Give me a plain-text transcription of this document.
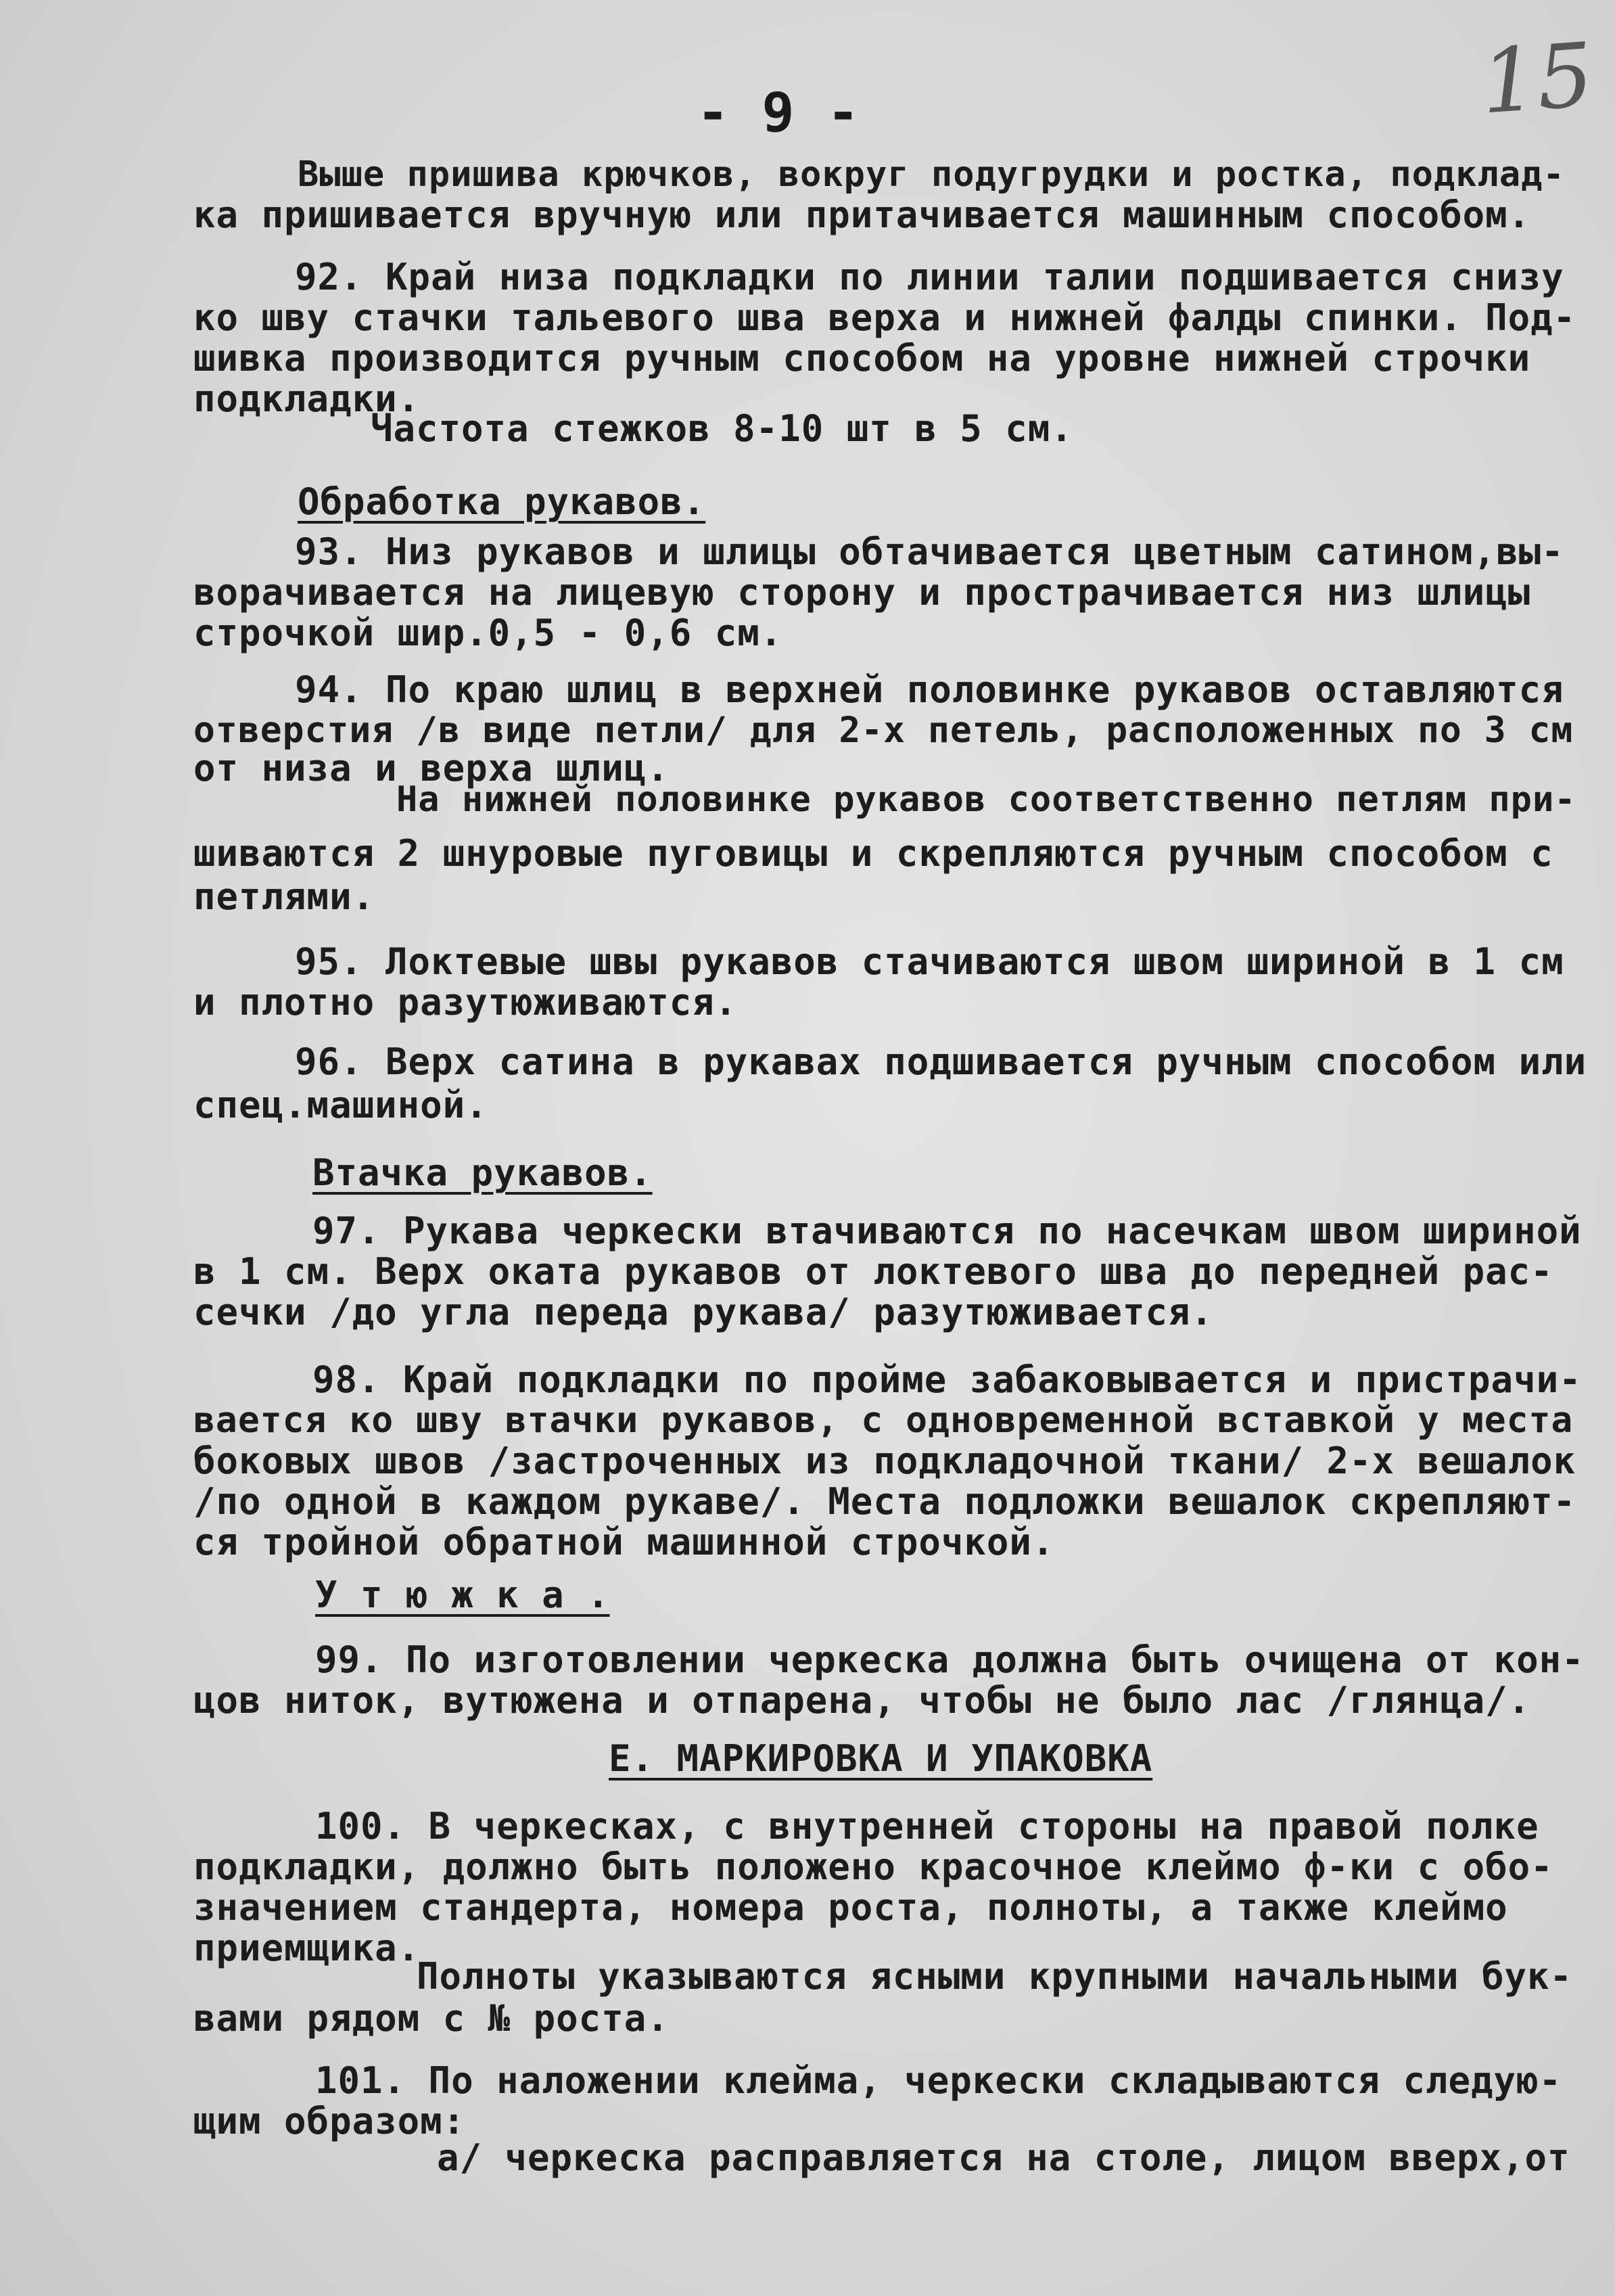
15
- 9 -
Выше пришива крючков, вокруг подугрудки и ростка, подклад-
ка пришивается вручную или притачивается машинным способом.
92. Край низа подкладки по линии талии подшивается снизу
ко шву стачки тальевого шва верха и нижней фалды спинки. Под-
шивка производится ручным способом на уровне нижней строчки
подкладки.
Частота стежков 8-10 шт в 5 см.
Обработка рукавов.
93. Низ рукавов и шлицы обтачивается цветным сатином,вы-
ворачивается на лицевую сторону и прострачивается низ шлицы
строчкой шир.0,5 - 0,6 см.
94. По краю шлиц в верхней половинке рукавов оставляются
отверстия /в виде петли/ для 2-х петель, расположенных по 3 см
от низа и верха шлиц.
На нижней половинке рукавов соответственно петлям при-
шиваются 2 шнуровые пуговицы и скрепляются ручным способом с
петлями.
95. Локтевые швы рукавов стачиваются швом шириной в 1 см
и плотно разутюживаются.
96. Верх сатина в рукавах подшивается ручным способом или
спец.машиной.
Втачка рукавов.
97. Рукава черкески втачиваются по насечкам швом шириной
в 1 см. Верх оката рукавов от локтевого шва до передней рас-
сечки /до угла переда рукава/ разутюживается.
98. Край подкладки по пройме забаковывается и пристрачи-
вается ко шву втачки рукавов, с одновременной вставкой у места
боковых швов /застроченных из подкладочной ткани/ 2-х вешалок
/по одной в каждом рукаве/. Места подложки вешалок скрепляют-
ся тройной обратной машинной строчкой.
У т ю ж к а .
99. По изготовлении черкеска должна быть очищена от кон-
цов ниток, вутюжена и отпарена, чтобы не было лас /глянца/.
Е. МАРКИРОВКА И УПАКОВКА
100. В черкесках, с внутренней стороны на правой полке
подкладки, должно быть положено красочное клеймо ф-ки с обо-
значением стандерта, номера роста, полноты, а также клеймо
приемщика.
Полноты указываются ясными крупными начальными бук-
вами рядом с № роста.
101. По наложении клейма, черкески складываются следую-
щим образом:
а/ черкеска расправляется на столе, лицом вверх,от
